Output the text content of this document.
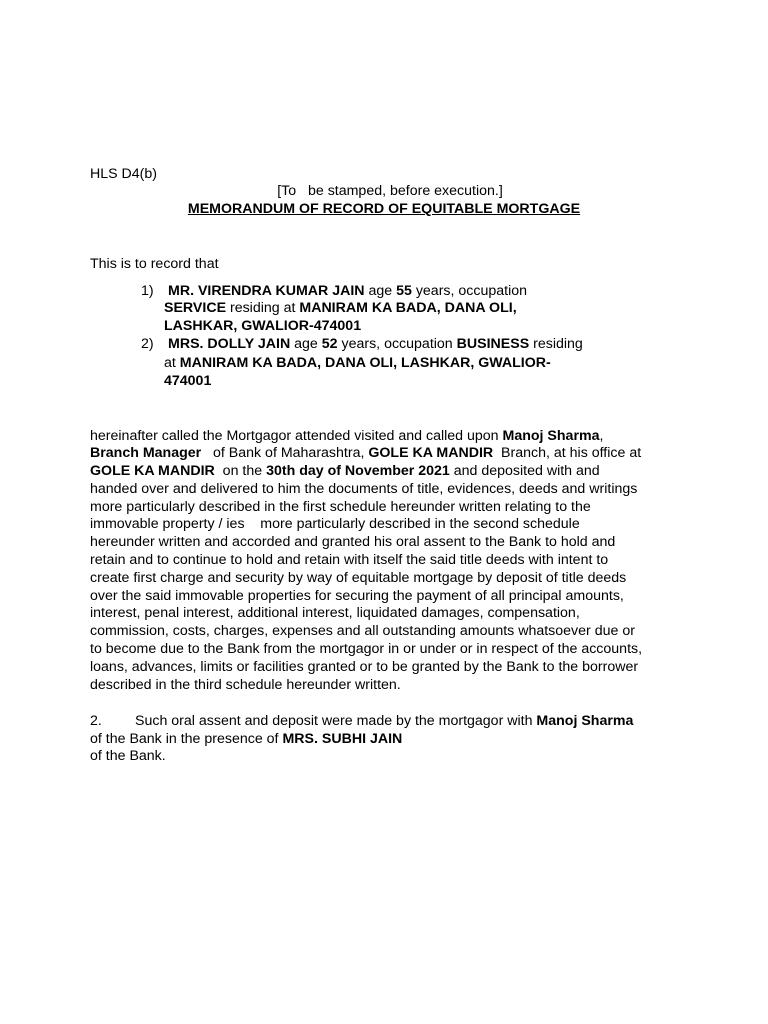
HLS D4(b)
[To   be stamped, before execution.]
MEMORANDUM OF RECORD OF EQUITABLE MORTGAGE
This is to record that
1) MR. VIRENDRA KUMAR JAIN age 55 years, occupation
SERVICE residing at MANIRAM KA BADA, DANA OLI,
LASHKAR, GWALIOR-474001
2) MRS. DOLLY JAIN age 52 years, occupation BUSINESS residing
at MANIRAM KA BADA, DANA OLI, LASHKAR, GWALIOR-
474001
hereinafter called the Mortgagor attended visited and called upon Manoj Sharma,
Branch Manager   of Bank of Maharashtra, GOLE KA MANDIR  Branch, at his office at
GOLE KA MANDIR  on the 30th day of November 2021 and deposited with and
handed over and delivered to him the documents of title, evidences, deeds and writings
more particularly described in the first schedule hereunder written relating to the
immovable property / ies    more particularly described in the second schedule
hereunder written and accorded and granted his oral assent to the Bank to hold and
retain and to continue to hold and retain with itself the said title deeds with intent to
create first charge and security by way of equitable mortgage by deposit of title deeds
over the said immovable properties for securing the payment of all principal amounts,
interest, penal interest, additional interest, liquidated damages, compensation,
commission, costs, charges, expenses and all outstanding amounts whatsoever due or
to become due to the Bank from the mortgagor in or under or in respect of the accounts,
loans, advances, limits or facilities granted or to be granted by the Bank to the borrower
described in the third schedule hereunder written.
2. Such oral assent and deposit were made by the mortgagor with Manoj Sharma
of the Bank in the presence of MRS. SUBHI JAIN
of the Bank.
